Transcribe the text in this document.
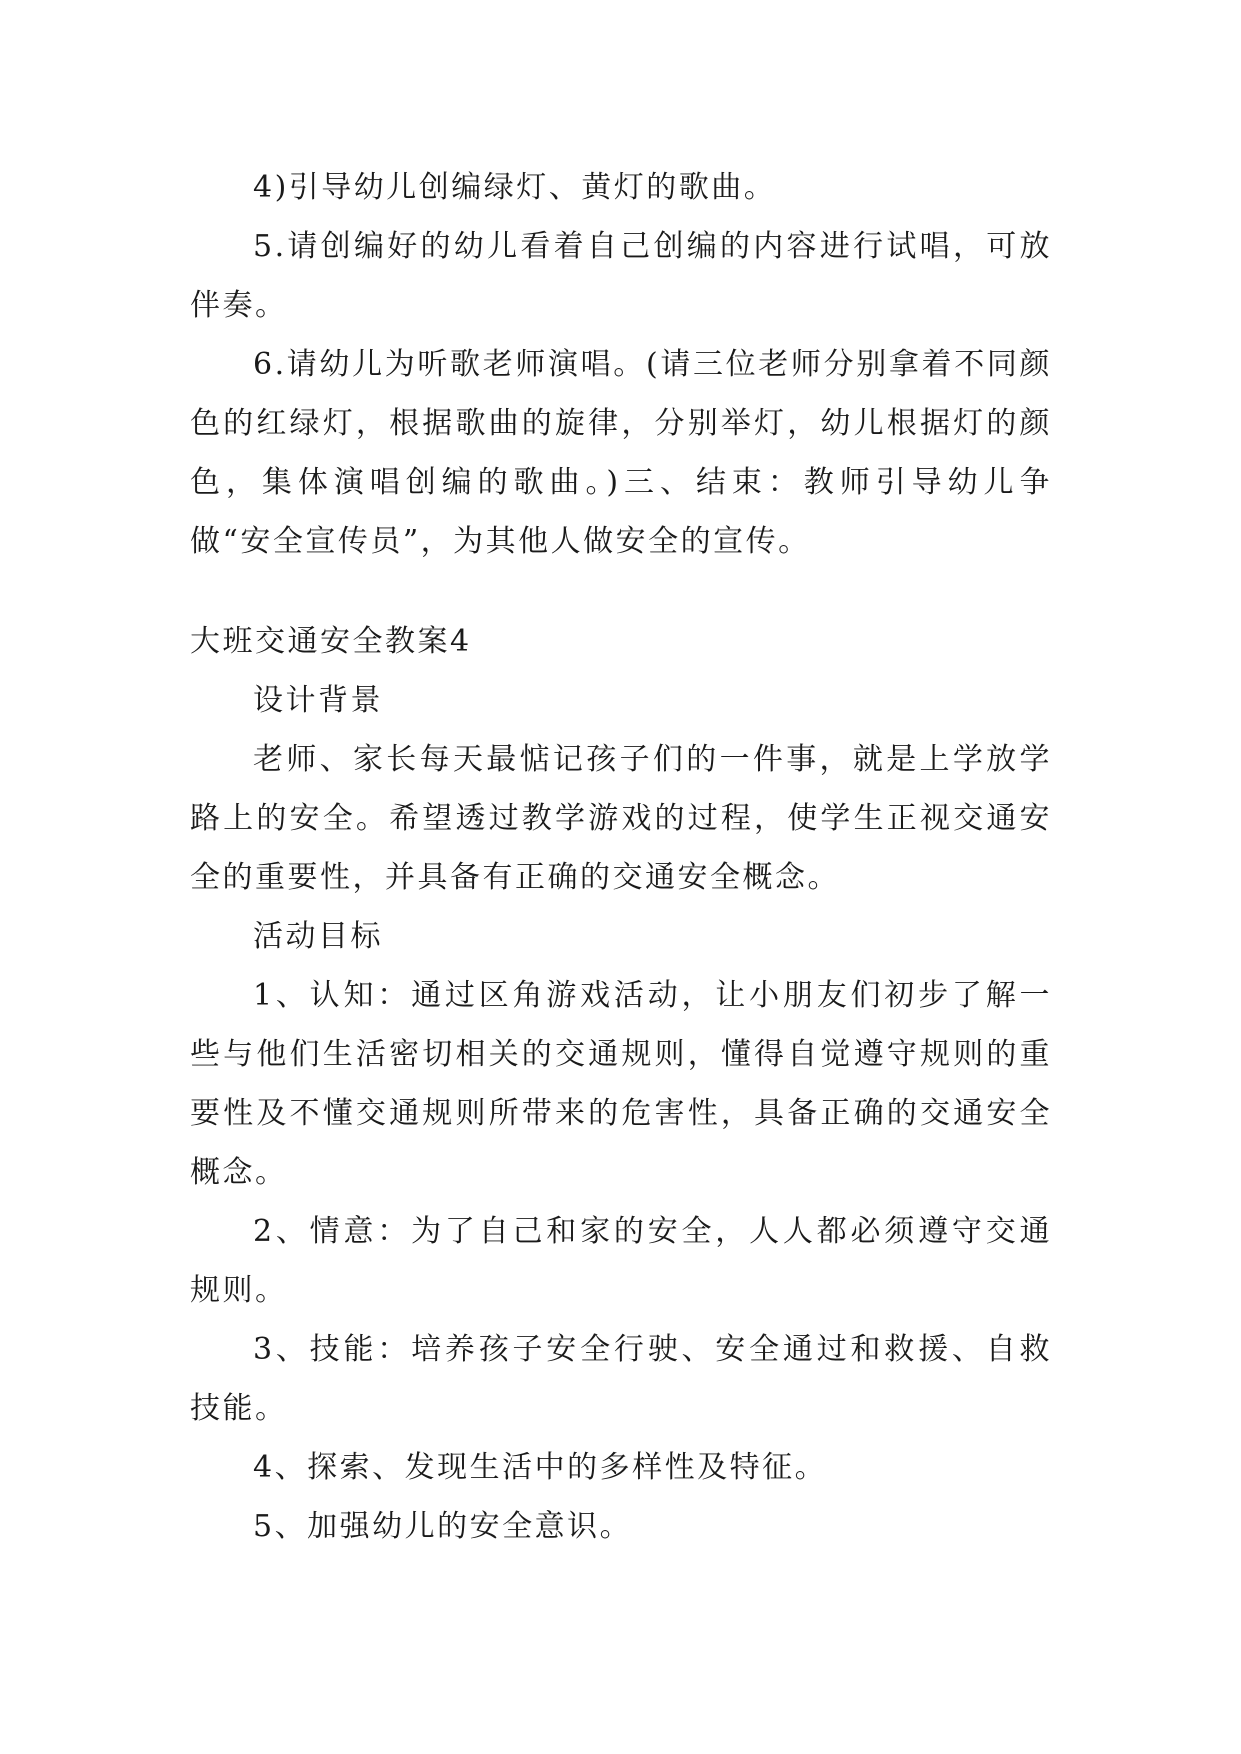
4)引导幼儿创编绿灯、黄灯的歌曲。

5.请创编好的幼儿看着自己创编的内容进行试唱，可放伴奏。

6.请幼儿为听歌老师演唱。(请三位老师分别拿着不同颜色的红绿灯，根据歌曲的旋律，分别举灯，幼儿根据灯的颜色，集体演唱创编的歌曲。)三、结束：教师引导幼儿争做“安全宣传员”，为其他人做安全的宣传。

大班交通安全教案4

设计背景

老师、家长每天最惦记孩子们的一件事，就是上学放学路上的安全。希望透过教学游戏的过程，使学生正视交通安全的重要性，并具备有正确的交通安全概念。

活动目标

1、认知：通过区角游戏活动，让小朋友们初步了解一些与他们生活密切相关的交通规则，懂得自觉遵守规则的重要性及不懂交通规则所带来的危害性，具备正确的交通安全概念。

2、情意：为了自己和家的安全，人人都必须遵守交通规则。

3、技能：培养孩子安全行驶、安全通过和救援、自救技能。

4、探索、发现生活中的多样性及特征。

5、加强幼儿的安全意识。
